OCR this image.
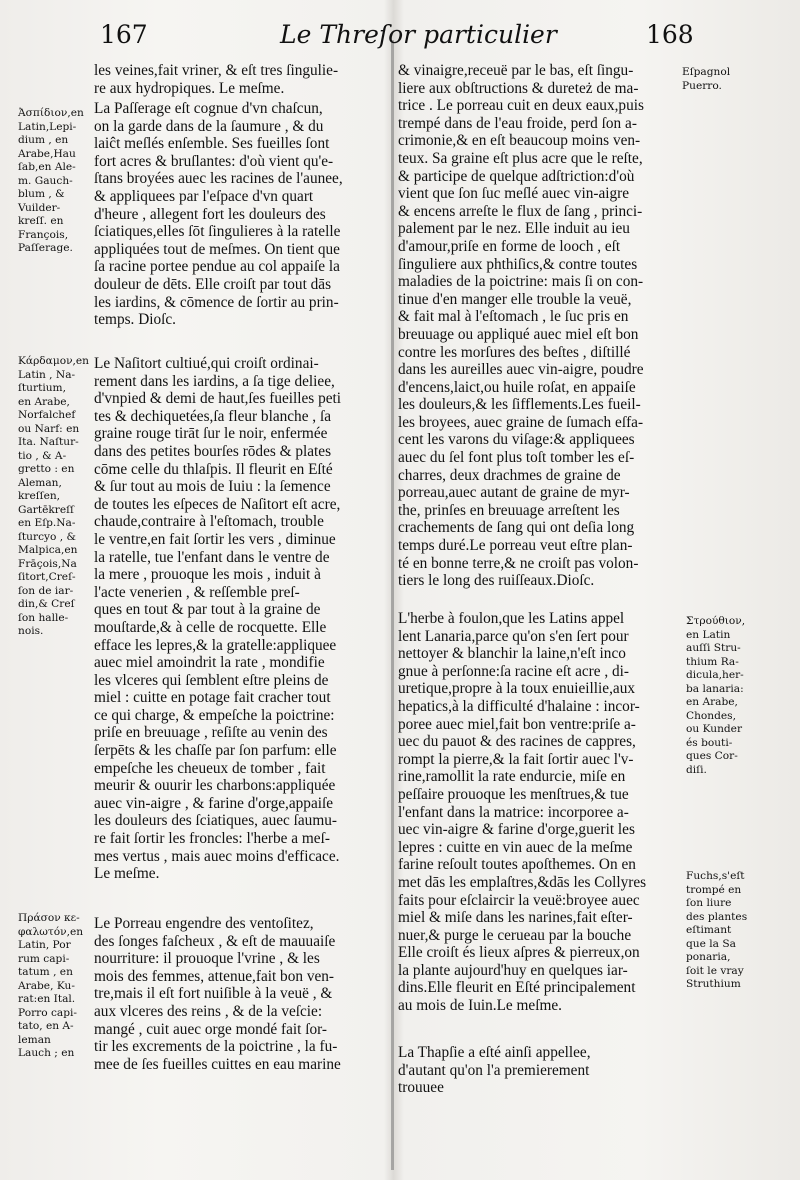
167	Le Threſor particulier	168
les veines,fait vriner, & eſt tres ſingulie-
re aux hydropiques. Le meſme.
Ἀσπίδιον,en
Latin,Lepi-
dium , en
Arabe,Hau
ſab,en Ale-
m. Gauch-
blum , &
Vuilder-
kreſſ. en
François,
Paſſerage.
La Paſſerage eſt cognue d'vn chaſcun,
on la garde dans de la ſaumure , & du
laiĉt meſlés enſemble. Ses fueilles ſont
fort acres & bruſlantes: d'où vient qu'e-
ſtans broyées auec les racines de l'aunee,
& appliquees par l'eſpace d'vn quart
d'heure , allegent fort les douleurs des
ſciatiques,elles ſōt ſingulieres à la ratelle
appliquées tout de meſmes. On tient que
ſa racine portee pendue au col appaiſe la
douleur de dēts. Elle croiſt par tout dās
les iardins, & cōmence de ſortir au prin-
temps. Dioſc.
Κάρδαμον,en
Latin , Na-
ſturtium,
en Arabe,
Norfalchef
ou Narf: en
Ita. Naſtur-
tio , & A-
gretto : en
Aleman,
kreſſen,
Gartēkreſſ
en Eſp.Na-
ſturcyo , &
Malpica,en
Frāçois,Na
ſitort,Creſ-
ſon de iar-
din,& Creſ
ſon halle-
nois.
Le Naſitort cultiué,qui croiſt ordinai-
rement dans les iardins, a ſa tige deliee,
d'vnpied & demi de haut,ſes fueilles peti
tes & dechiquetées,ſa fleur blanche , ſa
graine rouge tirāt ſur le noir, enfermée
dans des petites bourſes rōdes & plates
cōme celle du thlaſpis. Il fleurit en Eſté
& ſur tout au mois de Iuiu : la ſemence
de toutes les eſpeces de Naſitort eſt acre,
chaude,contraire à l'eſtomach, trouble
le ventre,en fait ſortir les vers , diminue
la ratelle, tue l'enfant dans le ventre de
la mere , prouoque les mois , induit à
l'acte venerien , & reſſemble preſ-
ques en tout & par tout à la graine de
mouſtarde,& à celle de rocquette. Elle
efface les lepres,& la gratelle:appliquee
auec miel amoindrit la rate , mondifie
les vlceres qui ſemblent eſtre pleins de
miel : cuitte en potage fait cracher tout
ce qui charge, & empeſche la poictrine:
priſe en breuuage , reſiſte au venin des
ſerpēts & les chaſſe par ſon parfum: elle
empeſche les cheueux de tomber , fait
meurir & ouurir les charbons:appliquée
auec vin-aigre , & farine d'orge,appaiſe
les douleurs des ſciatiques, auec ſaumu-
re fait ſortir les froncles: l'herbe a meſ-
mes vertus , mais auec moins d'efficace.
Le meſme.
Πράσον κε-
φαλωτόν,en
Latin, Por
rum capi-
tatum , en
Arabe, Ku-
rat:en Ital.
Porro capi-
tato, en A-
leman
Lauch ; en
Le Porreau engendre des ventoſitez,
des ſonges faſcheux , & eſt de mauuaiſe
nourriture: il prouoque l'vrine , & les
mois des femmes, attenue,fait bon ven-
tre,mais il eſt fort nuiſible à la veuë , &
aux vlceres des reins , & de la veſcie:
mangé , cuit auec orge mondé fait ſor-
tir les excrements de la poictrine , la fu-
mee de ſes fueilles cuittes en eau marine
Eſpagnol
Puerro.
& vinaigre,receuë par le bas, eſt ſingu-
liere aux obſtructions & dureteż de ma-
trice . Le porreau cuit en deux eaux,puis
trempé dans de l'eau froide, perd ſon a-
crimonie,& en eſt beaucoup moins ven-
teux. Sa graine eſt plus acre que le reſte,
& participe de quelque adſtriction:d'où
vient que ſon ſuc meſlé auec vin-aigre
& encens arreſte le flux de ſang , princi-
palement par le nez. Elle induit au ieu
d'amour,priſe en forme de looch , eſt
ſinguliere aux phthiſics,& contre toutes
maladies de la poictrine: mais ſi on con-
tinue d'en manger elle trouble la veuë,
& fait mal à l'eſtomach , le ſuc pris en
breuuage ou appliqué auec miel eſt bon
contre les morſures des beſtes , diſtillé
dans les aureilles auec vin-aigre, poudre
d'encens,laict,ou huile roſat, en appaiſe
les douleurs,& les ſifflements.Les fueil-
les broyees, auec graine de ſumach eſfa-
cent les varons du viſage:& appliquees
auec du ſel font plus toſt tomber les eſ-
charres, deux drachmes de graine de
porreau,auec autant de graine de myr-
the, prinſes en breuuage arreſtent les
crachements de ſang qui ont deſia long
temps duré.Le porreau veut eſtre plan-
té en bonne terre,& ne croiſt pas volon-
tiers le long des ruiſſeaux.Dioſc.
Στρούθιον,
en Latin
auſſi Stru-
thium Ra-
dicula,her-
ba lanaria:
en Arabe,
Chondes,
ou Kunder
és bouti-
ques Cor-
diſi.
L'herbe à foulon,que les Latins appel
lent Lanaria,parce qu'on s'en ſert pour
nettoyer & blanchir la laine,n'eſt inco
gnue à perſonne:ſa racine eſt acre , di-
uretique,propre à la toux enuieillie,aux
hepatics,à la difficulté d'halaine : incor-
poree auec miel,fait bon ventre:priſe a-
uec du pauot & des racines de cappres,
rompt la pierre,& la fait ſortir auec l'v-
rine,ramollit la rate endurcie, miſe en
peſſaire prouoque les menſtrues,& tue
l'enfant dans la matrice: incorporee a-
uec vin-aigre & farine d'orge,guerit les
lepres : cuitte en vin auec de la meſme
farine reſoult toutes apoſthemes. On en
met dās les emplaſtres,&dās les Collyres
faits pour eſclaircir la veuë:broyee auec
miel & miſe dans les narines,fait eſter-
nuer,& purge le cerueau par la bouche
Elle croiſt és lieux aſpres & pierreux,on
la plante aujourd'huy en quelques iar-
dins.Elle fleurit en Eſté principalement
au mois de Iuin.Le meſme.
Fuchs,s'eſt
trompé en
ſon liure
des plantes
eſtimant
que la Sa
ponaria,
ſoit le vray
Struthium
La Thapſie a eſté ainſi appellee,
d'autant qu'on l'a premierement
trouuee
